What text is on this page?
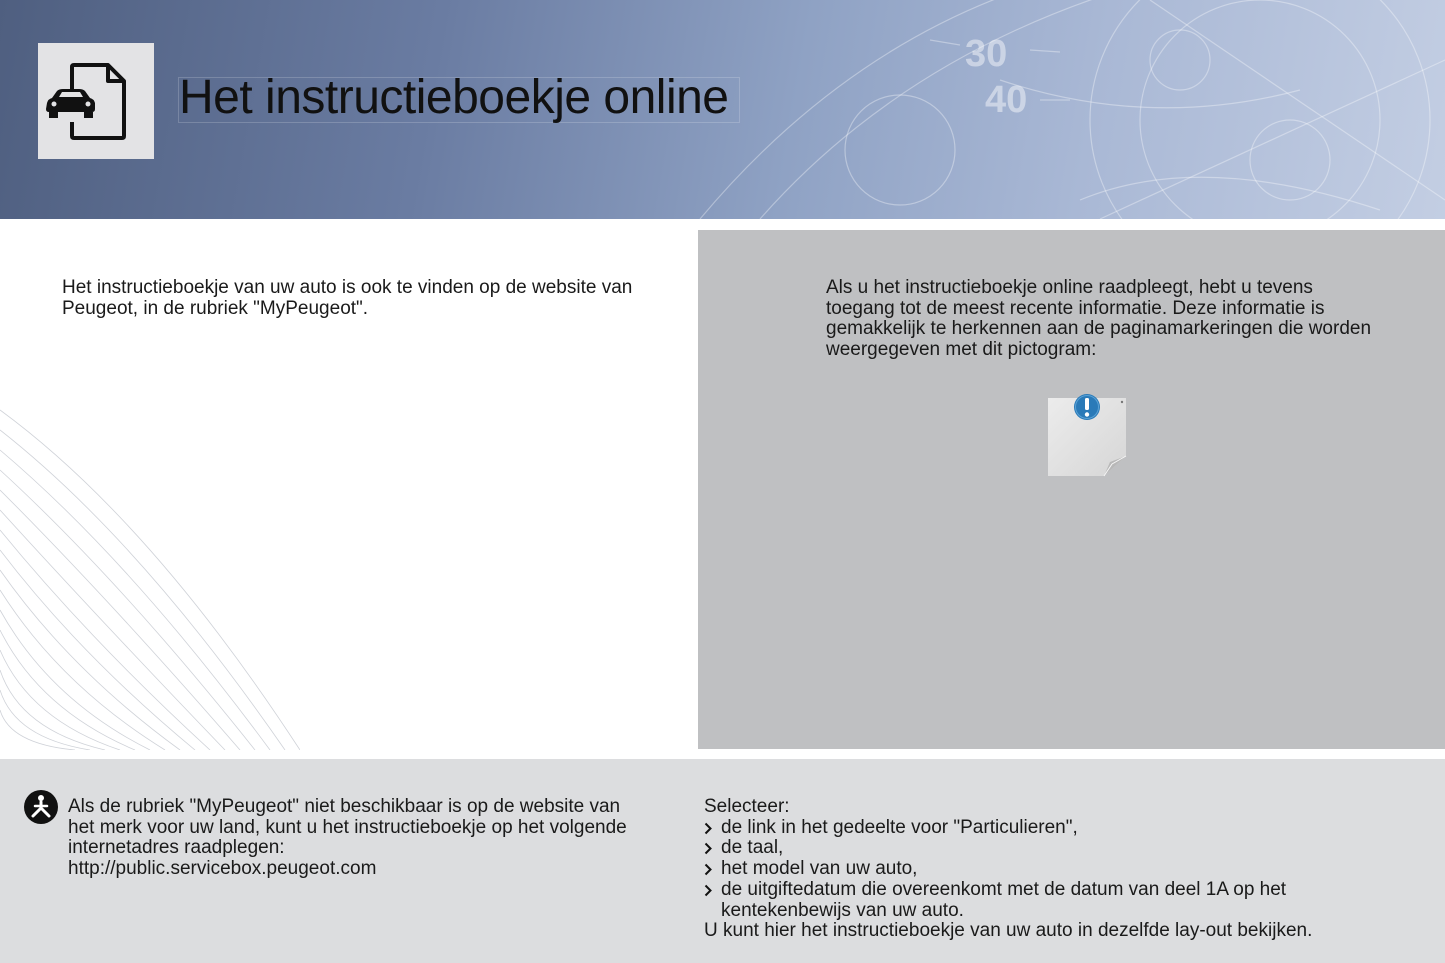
30
40
Het instructieboekje online

Het instructieboekje van uw auto is ook te vinden op de website van Peugeot, in de rubriek "MyPeugeot".

Als u het instructieboekje online raadpleegt, hebt u tevens toegang tot de meest recente informatie. Deze informatie is gemakkelijk te herkennen aan de paginamarkeringen die worden weergegeven met dit pictogram:

Als de rubriek "MyPeugeot" niet beschikbaar is op de website van

het merk voor uw land, kunt u het instructieboekje op het volgende

internetadres raadplegen:

http://public.servicebox.peugeot.com

Selecteer:

de link in het gedeelte voor "Particulieren",
de taal,
het model van uw auto,
de uitgiftedatum die overeenkomt met de datum van deel 1A op het kentekenbewijs van uw auto.

U kunt hier het instructieboekje van uw auto in dezelfde lay-out bekijken.
